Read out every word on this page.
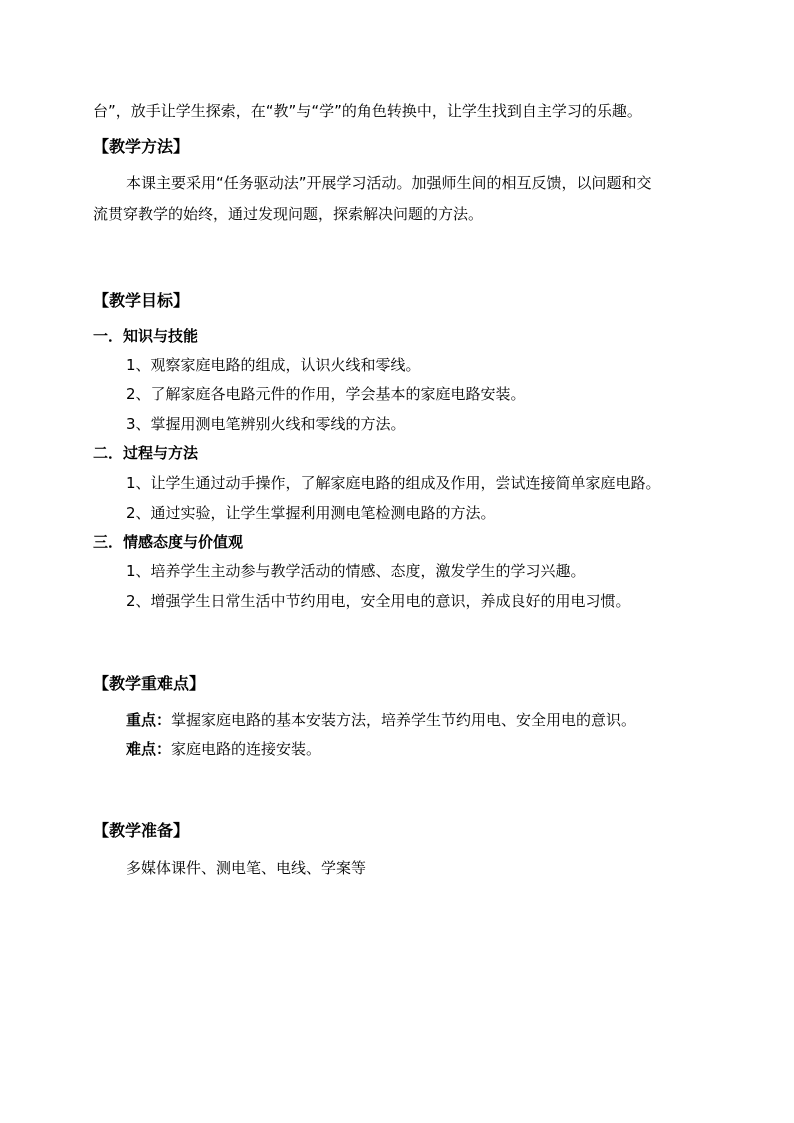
台”，放手让学生探索，在“教”与“学”的角色转换中，让学生找到自主学习的乐趣。
【教学方法】
本课主要采用“任务驱动法”开展学习活动。加强师生间的相互反馈，以问题和交
流贯穿教学的始终，通过发现问题，探索解决问题的方法。
【教学目标】
一．知识与技能
1、观察家庭电路的组成，认识火线和零线。
2、了解家庭各电路元件的作用，学会基本的家庭电路安装。
3、掌握用测电笔辨别火线和零线的方法。
二．过程与方法
1、让学生通过动手操作，了解家庭电路的组成及作用，尝试连接简单家庭电路。
2、通过实验，让学生掌握利用测电笔检测电路的方法。
三．情感态度与价值观
1、培养学生主动参与教学活动的情感、态度，激发学生的学习兴趣。
2、增强学生日常生活中节约用电，安全用电的意识，养成良好的用电习惯。
【教学重难点】
重点：掌握家庭电路的基本安装方法，培养学生节约用电、安全用电的意识。
难点：家庭电路的连接安装。
【教学准备】
多媒体课件、测电笔、电线、学案等
